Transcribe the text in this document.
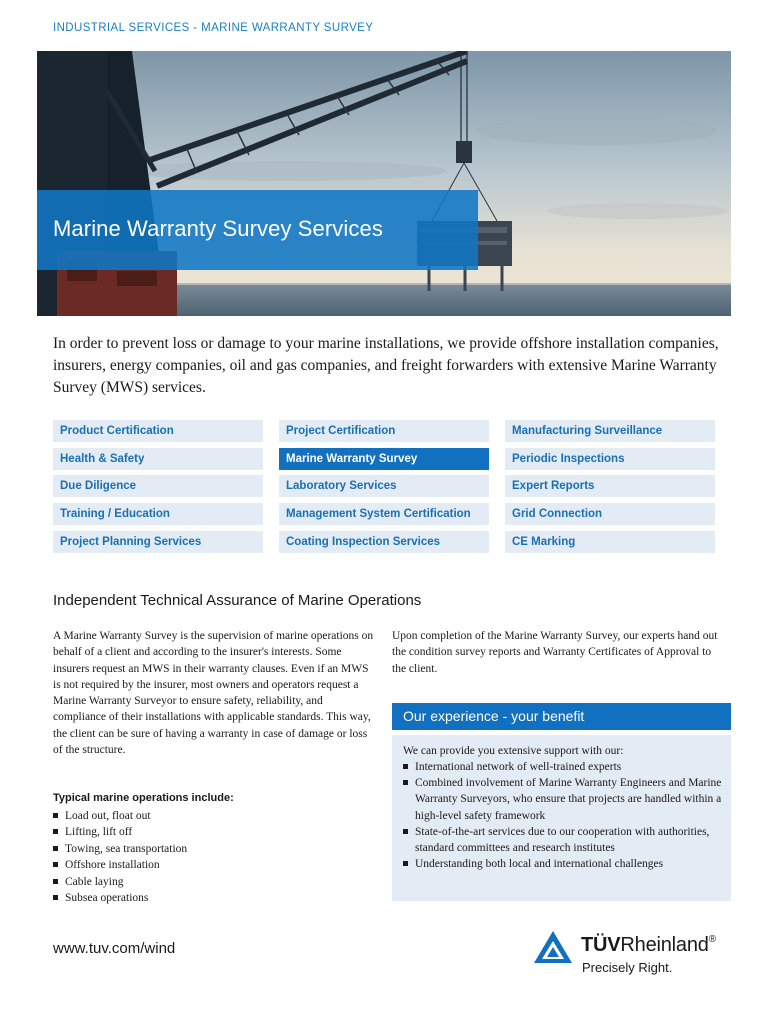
INDUSTRIAL SERVICES - MARINE WARRANTY SURVEY
Marine Warranty Survey Services
In order to prevent loss or damage to your marine installations, we provide offshore installation companies, insurers, energy companies, oil and gas companies, and freight forwarders with extensive Marine Warranty Survey (MWS) services.
Product Certification
Health & Safety
Due Diligence
Training / Education
Project Planning Services
Project Certification
Marine Warranty Survey
Laboratory Services
Management System Certification
Coating Inspection Services
Manufacturing Surveillance
Periodic Inspections
Expert Reports
Grid Connection
CE Marking
Independent Technical Assurance of Marine Operations
A Marine Warranty Survey is the supervision of marine operations on behalf of a client and according to the insurer's interests. Some insurers request an MWS in their warranty clauses. Even if an MWS is not required by the insurer, most owners and operators request a Marine Warranty Surveyor to ensure safety, reliability, and compliance of their installations with applicable standards. This way, the client can be sure of having a warranty in case of damage or loss of the structure.
Typical marine operations include:
Load out, float out
Lifting, lift off
Towing, sea transportation
Offshore installation
Cable laying
Subsea operations
Upon completion of the Marine Warranty Survey, our experts hand out the condition survey reports and Warranty Certificates of Approval to the client.
Our experience - your benefit
We can provide you extensive support with our:
International network of well-trained experts
Combined involvement of Marine Warranty Engineers and Marine Warranty Surveyors, who ensure that projects are handled within a high-level safety framework
State-of-the-art services due to our cooperation with authorities, standard committees and research institutes
Understanding both local and international challenges
www.tuv.com/wind	TÜVRheinland®
Precisely Right.
